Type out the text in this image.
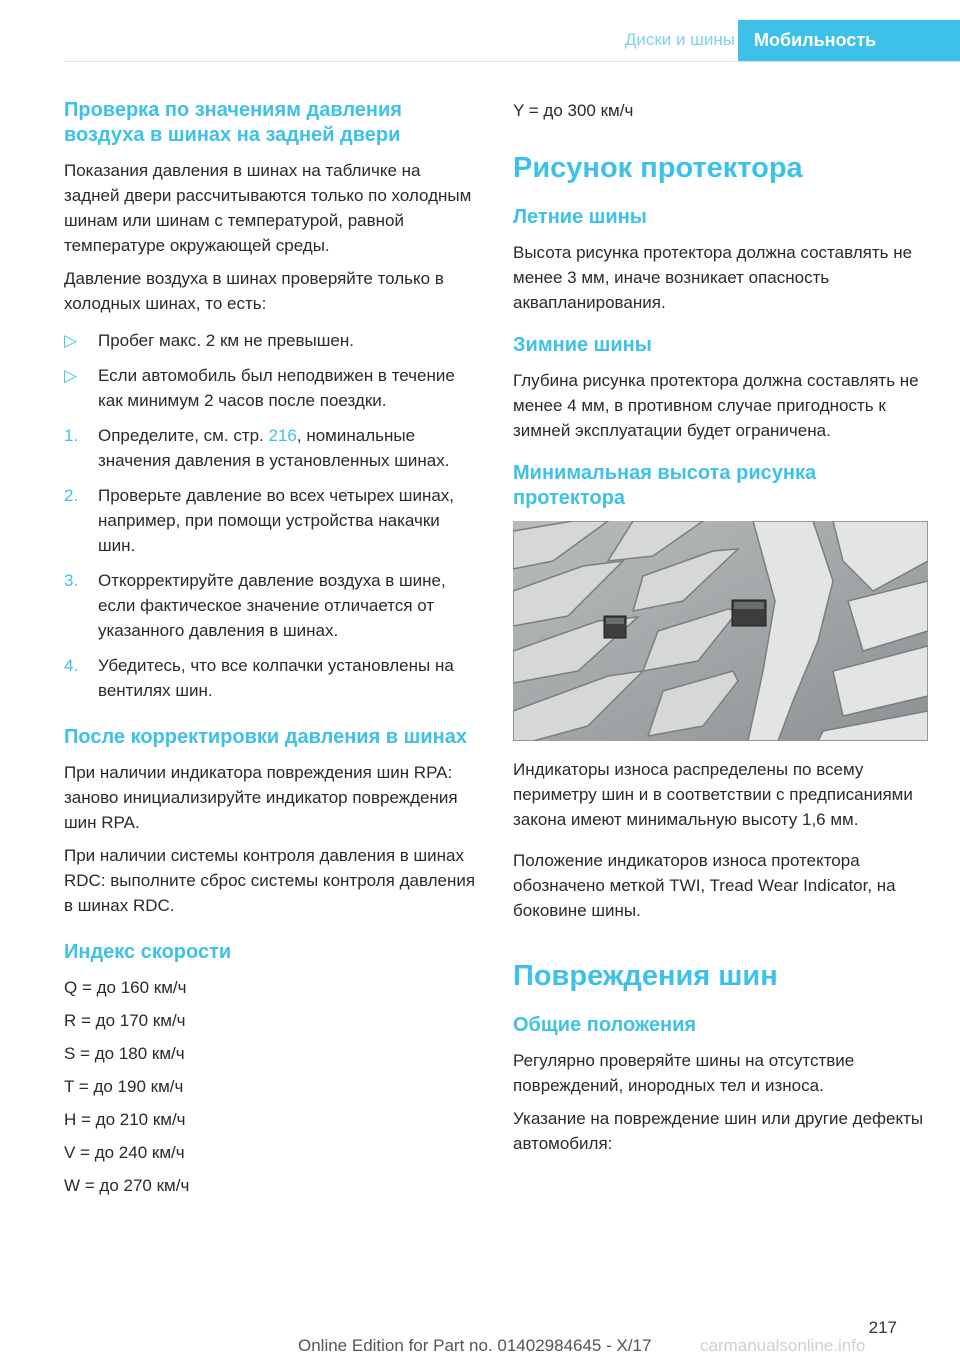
Диски и шины	Мобильность
Проверка по значениям давления воздуха в шинах на задней двери

Показания давления в шинах на табличке на задней двери рассчитываются только по холодным шинам или шинам с температурой, равной температуре окружающей среды.

Давление воздуха в шинах проверяйте только в холодных шинах, то есть:

▷ Пробег макс. 2 км не превышен.
▷ Если автомобиль был неподвижен в течение как минимум 2 часов после поездки.
1. Определите, см. стр. 216, номинальные значения давления в установленных шинах.
2. Проверьте давление во всех четырех шинах, например, при помощи устройства накачки шин.
3. Откорректируйте давление воздуха в шине, если фактическое значение отличается от указанного давления в шинах.
4. Убедитесь, что все колпачки установлены на вентилях шин.
После корректировки давления в шинах

При наличии индикатора повреждения шин RPA: заново инициализируйте индикатор повреждения шин RPA.

При наличии системы контроля давления в шинах RDC: выполните сброс системы контроля давления в шинах RDC.

Индекс скорости

Q = до 160 км/ч

R = до 170 км/ч

S = до 180 км/ч

T = до 190 км/ч

H = до 210 км/ч

V = до 240 км/ч

W = до 270 км/ч

Y = до 300 км/ч

Рисунок протектора
Летние шины

Высота рисунка протектора должна составлять не менее 3 мм, иначе возникает опасность аквапланирования.

Зимние шины

Глубина рисунка протектора должна составлять не менее 4 мм, в противном случае пригодность к зимней эксплуатации будет ограничена.

Минимальная высота рисунка протектора

Индикаторы износа распределены по всему периметру шин и в соответствии с предписаниями закона имеют минимальную высоту 1,6 мм.

Положение индикаторов износа протектора обозначено меткой TWI, Tread Wear Indicator, на боковине шины.

Повреждения шин
Общие положения

Регулярно проверяйте шины на отсутствие повреждений, инородных тел и износа.

Указание на повреждение шин или другие дефекты автомобиля:

217
Online Edition for Part no. 01402984645 - X/17	carmanualsonline.info
